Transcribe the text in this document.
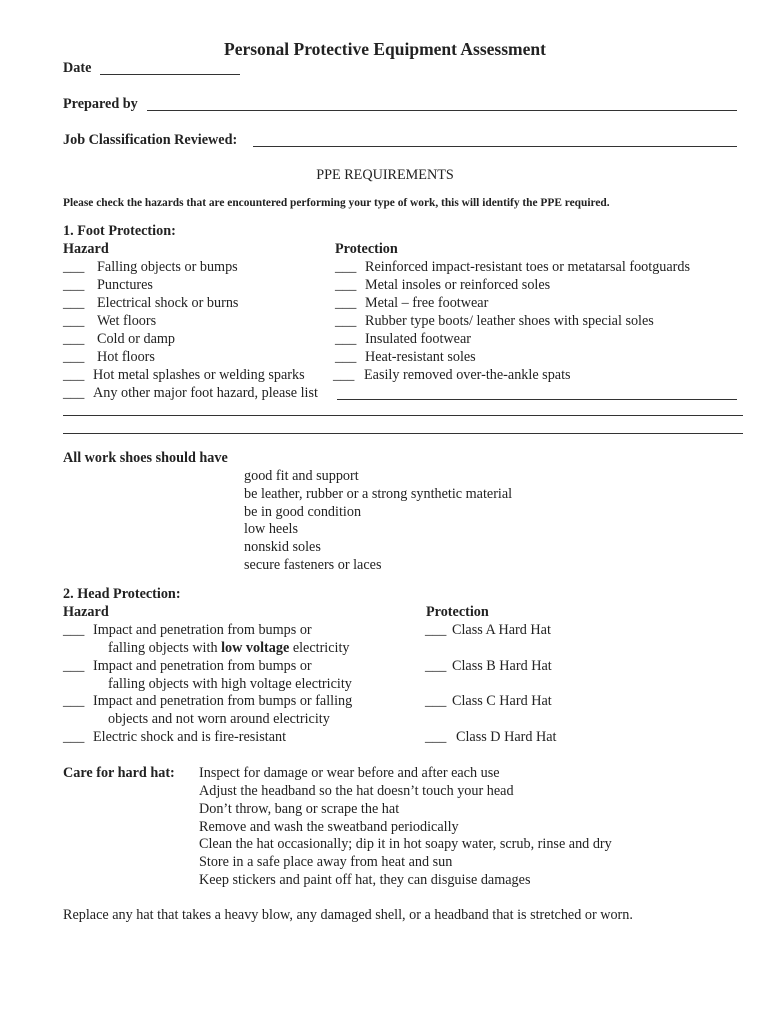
Personal Protective Equipment Assessment
Date
Prepared by
Job Classification Reviewed:
PPE REQUIREMENTS
Please check the hazards that are encountered performing your type of work, this will identify the PPE required.
1. Foot Protection:
Hazard	Protection
___ Falling objects or bumps
___ Punctures
___ Electrical shock or burns
___ Wet floors
___ Cold or damp
___ Hot floors
___ Hot metal splashes or welding sparks
___ Reinforced impact-resistant toes or metatarsal footguards
___ Metal insoles or reinforced soles
___ Metal – free footwear
___ Rubber type boots/ leather shoes with special soles
___ Insulated footwear
___ Heat-resistant soles
___ Easily removed over-the-ankle spats
___ Any other major foot hazard, please list
All work shoes should have
good fit and support
be leather, rubber or a strong synthetic material
be in good condition
low heels
nonskid soles
secure fasteners or laces
2. Head Protection:
Hazard	Protection
___ Impact and penetration from bumps or
falling objects with low voltage electricity
___ Impact and penetration from bumps or
falling objects with high voltage electricity
___ Impact and penetration from bumps or falling
objects and not worn around electricity
___ Electric shock and is fire-resistant
___ Class A Hard Hat
___ Class B Hard Hat
___ Class C Hard Hat
___ Class D Hard Hat
Care for hard hat: Inspect for damage or wear before and after each use
Adjust the headband so the hat doesn’t touch your head
Don’t throw, bang or scrape the hat
Remove and wash the sweatband periodically
Clean the hat occasionally; dip it in hot soapy water, scrub, rinse and dry
Store in a safe place away from heat and sun
Keep stickers and paint off hat, they can disguise damages
Replace any hat that takes a heavy blow, any damaged shell, or a headband that is stretched or worn.
